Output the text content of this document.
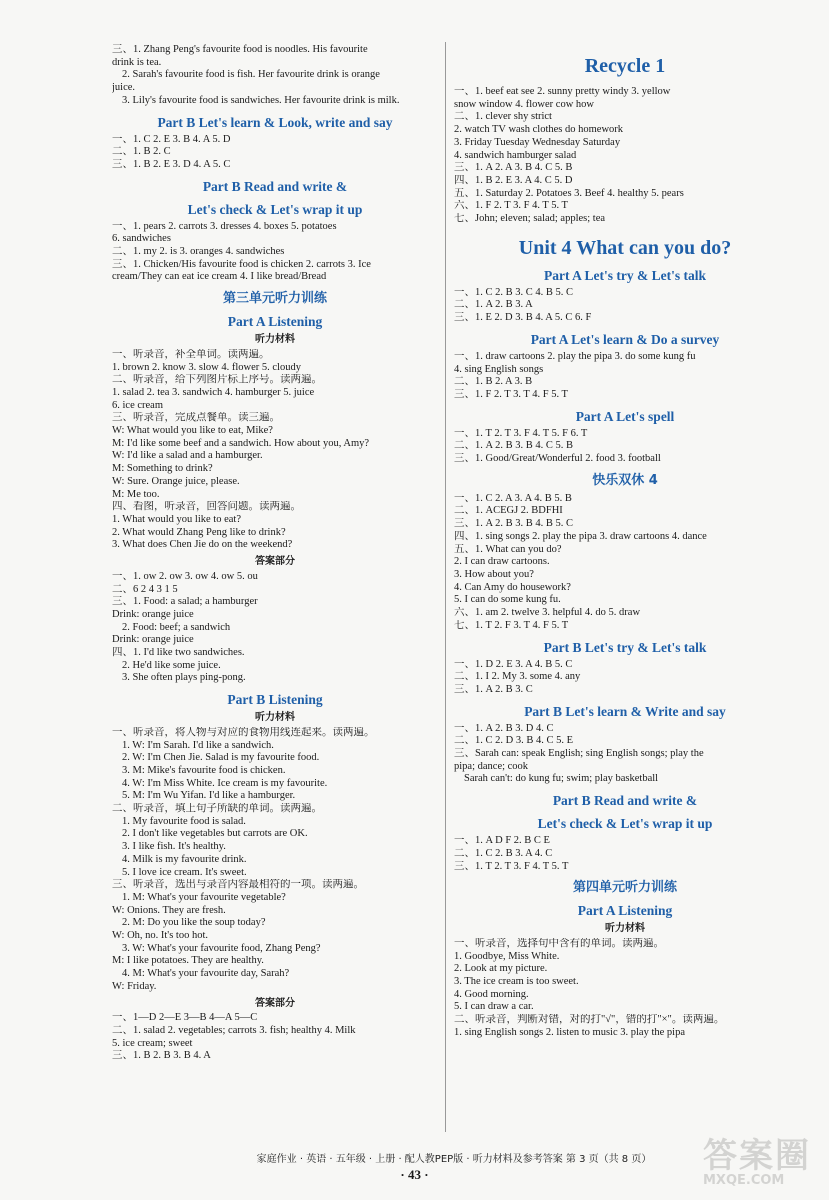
三、1. Zhang Peng's favourite food is noodles. His favourite
drink is tea.
2. Sarah's favourite food is fish. Her favourite drink is orange
juice.
3. Lily's favourite food is sandwiches. Her favourite drink is milk.
Part B Let's learn & Look, write and say
一、1. C 2. E 3. B 4. A 5. D
二、1. B 2. C
三、1. B 2. E 3. D 4. A 5. C
Part B Read and write &
Let's check & Let's wrap it up
一、1. pears 2. carrots 3. dresses 4. boxes 5. potatoes
6. sandwiches
二、1. my 2. is 3. oranges 4. sandwiches
三、1. Chicken/His favourite food is chicken 2. carrots 3. Ice
cream/They can eat ice cream 4. I like bread/Bread
第三单元听力训练
Part A Listening
听力材料
一、听录音，补全单词。读两遍。
1. brown 2. know 3. slow 4. flower 5. cloudy
二、听录音，给下列图片标上序号。读两遍。
1. salad 2. tea 3. sandwich 4. hamburger 5. juice
6. ice cream
三、听录音，完成点餐单。读三遍。
W: What would you like to eat, Mike?
M: I'd like some beef and a sandwich. How about you, Amy?
W: I'd like a salad and a hamburger.
M: Something to drink?
W: Sure. Orange juice, please.
M: Me too.
四、看图，听录音，回答问题。读两遍。
1. What would you like to eat?
2. What would Zhang Peng like to drink?
3. What does Chen Jie do on the weekend?
答案部分
一、1. ow 2. ow 3. ow 4. ow 5. ou
二、6 2 4 3 1 5
三、1. Food: a salad; a hamburger
Drink: orange juice
2. Food: beef; a sandwich
Drink: orange juice
四、1. I'd like two sandwiches.
2. He'd like some juice.
3. She often plays ping-pong.
Part B Listening
听力材料
一、听录音，将人物与对应的食物用线连起来。读两遍。
1. W: I'm Sarah. I'd like a sandwich.
2. W: I'm Chen Jie. Salad is my favourite food.
3. M: Mike's favourite food is chicken.
4. W: I'm Miss White. Ice cream is my favourite.
5. M: I'm Wu Yifan. I'd like a hamburger.
二、听录音，填上句子所缺的单词。读两遍。
1. My favourite food is salad.
2. I don't like vegetables but carrots are OK.
3. I like fish. It's healthy.
4. Milk is my favourite drink.
5. I love ice cream. It's sweet.
三、听录音，选出与录音内容最相符的一项。读两遍。
1. M: What's your favourite vegetable?
W: Onions. They are fresh.
2. M: Do you like the soup today?
W: Oh, no. It's too hot.
3. W: What's your favourite food, Zhang Peng?
M: I like potatoes. They are healthy.
4. M: What's your favourite day, Sarah?
W: Friday.
答案部分
一、1—D 2—E 3—B 4—A 5—C
二、1. salad 2. vegetables; carrots 3. fish; healthy 4. Milk
5. ice cream; sweet
三、1. B 2. B 3. B 4. A
Recycle 1
一、1. beef eat see 2. sunny pretty windy 3. yellow
snow window 4. flower cow how
二、1. clever shy strict
2. watch TV wash clothes do homework
3. Friday Tuesday Wednesday Saturday
4. sandwich hamburger salad
三、1. A 2. A 3. B 4. C 5. B
四、1. B 2. E 3. A 4. C 5. D
五、1. Saturday 2. Potatoes 3. Beef 4. healthy 5. pears
六、1. F 2. T 3. F 4. T 5. T
七、John; eleven; salad; apples; tea
Unit 4 What can you do?
Part A Let's try & Let's talk
一、1. C 2. B 3. C 4. B 5. C
二、1. A 2. B 3. A
三、1. E 2. D 3. B 4. A 5. C 6. F
Part A Let's learn & Do a survey
一、1. draw cartoons 2. play the pipa 3. do some kung fu
4. sing English songs
二、1. B 2. A 3. B
三、1. F 2. T 3. T 4. F 5. T
Part A Let's spell
一、1. T 2. T 3. F 4. T 5. F 6. T
二、1. A 2. B 3. B 4. C 5. B
三、1. Good/Great/Wonderful 2. food 3. football
快乐双休 4
一、1. C 2. A 3. A 4. B 5. B
二、1. ACEGJ 2. BDFHI
三、1. A 2. B 3. B 4. B 5. C
四、1. sing songs 2. play the pipa 3. draw cartoons 4. dance
五、1. What can you do?
2. I can draw cartoons.
3. How about you?
4. Can Amy do housework?
5. I can do some kung fu.
六、1. am 2. twelve 3. helpful 4. do 5. draw
七、1. T 2. F 3. T 4. F 5. T
Part B Let's try & Let's talk
一、1. D 2. E 3. A 4. B 5. C
二、1. I 2. My 3. some 4. any
三、1. A 2. B 3. C
Part B Let's learn & Write and say
一、1. A 2. B 3. D 4. C
二、1. C 2. D 3. B 4. C 5. E
三、Sarah can: speak English; sing English songs; play the
pipa; dance; cook
Sarah can't: do kung fu; swim; play basketball
Part B Read and write &
Let's check & Let's wrap it up
一、1. A D F 2. B C E
二、1. C 2. B 3. A 4. C
三、1. T 2. T 3. F 4. T 5. T
第四单元听力训练
Part A Listening
听力材料
一、听录音，选择句中含有的单词。读两遍。
1. Goodbye, Miss White.
2. Look at my picture.
3. The ice cream is too sweet.
4. Good morning.
5. I can draw a car.
二、听录音，判断对错，对的打"√"，错的打"×"。读两遍。
1. sing English songs 2. listen to music 3. play the pipa
家庭作业 · 英语 · 五年级 · 上册 · 配人教PEP版 · 听力材料及参考答案 第 3 页（共 8 页）
· 43 ·	答案圈
MXQE.COM
